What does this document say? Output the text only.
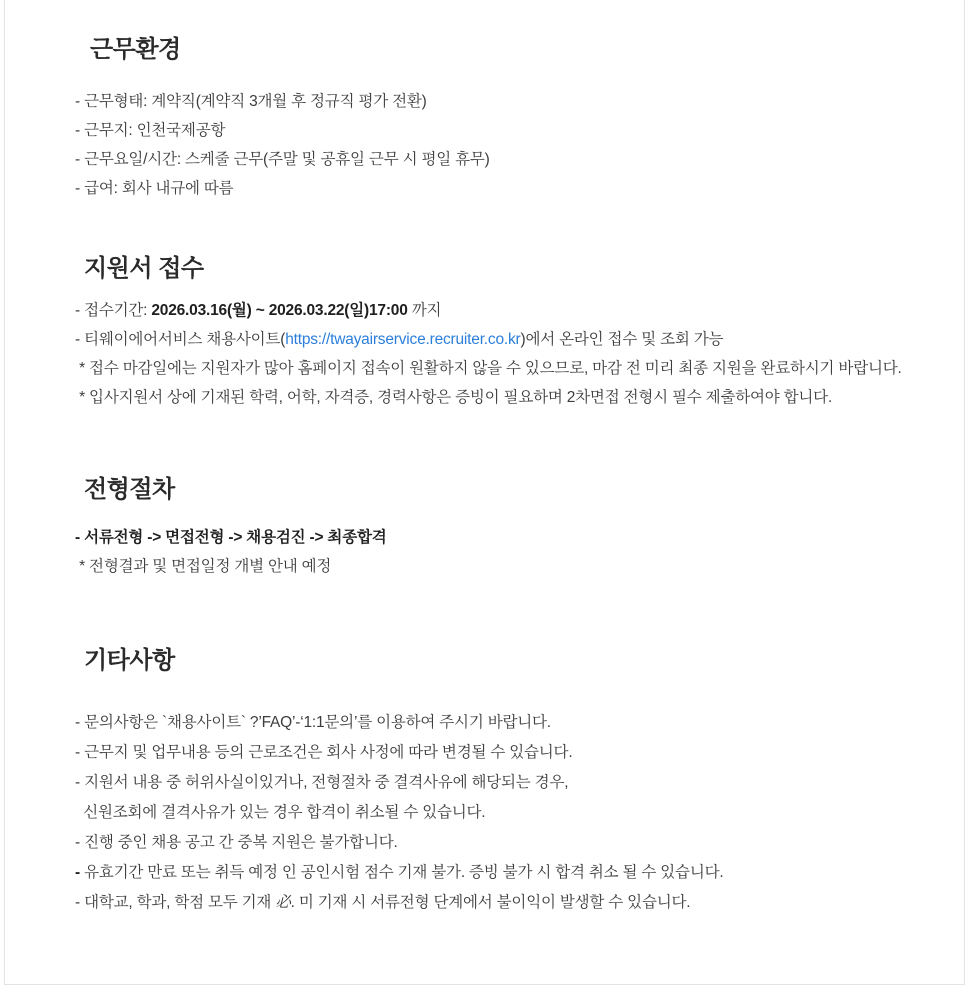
근무환경
- 근무형태: 계약직(계약직 3개월 후 정규직 평가 전환)
- 근무지: 인천국제공항
- 근무요일/시간: 스케줄 근무(주말 및 공휴일 근무 시 평일 휴무)
- 급여: 회사 내규에 따름
지원서 접수
- 접수기간: 2026.03.16(월) ~ 2026.03.22(일)17:00 까지
- 티웨이에어서비스 채용사이트(https://twayairservice.recruiter.co.kr)에서 온라인 접수 및 조회 가능
* 접수 마감일에는 지원자가 많아 홈페이지 접속이 원활하지 않을 수 있으므로, 마감 전 미리 최종 지원을 완료하시기 바랍니다.
* 입사지원서 상에 기재된 학력, 어학, 자격증, 경력사항은 증빙이 필요하며 2차면접 전형시 필수 제출하여야 합니다.
전형절차
- 서류전형 -> 면접전형 -> 채용검진 -> 최종합격
* 전형결과 및 면접일정 개별 안내 예정
기타사항
- 문의사항은 `채용사이트` ?’FAQ’-‘1:1문의’를 이용하여 주시기 바랍니다.
- 근무지 및 업무내용 등의 근로조건은 회사 사정에 따라 변경될 수 있습니다.
- 지원서 내용 중 허위사실이있거나, 전형절차 중 결격사유에 해당되는 경우,
신원조회에 결격사유가 있는 경우 합격이 취소될 수 있습니다.
- 진행 중인 채용 공고 간 중복 지원은 불가합니다.
- 유효기간 만료 또는 취득 예정 인 공인시험 점수 기재 불가. 증빙 불가 시 합격 취소 될 수 있습니다.
- 대학교, 학과, 학점 모두 기재 必. 미 기재 시 서류전형 단계에서 불이익이 발생할 수 있습니다.
